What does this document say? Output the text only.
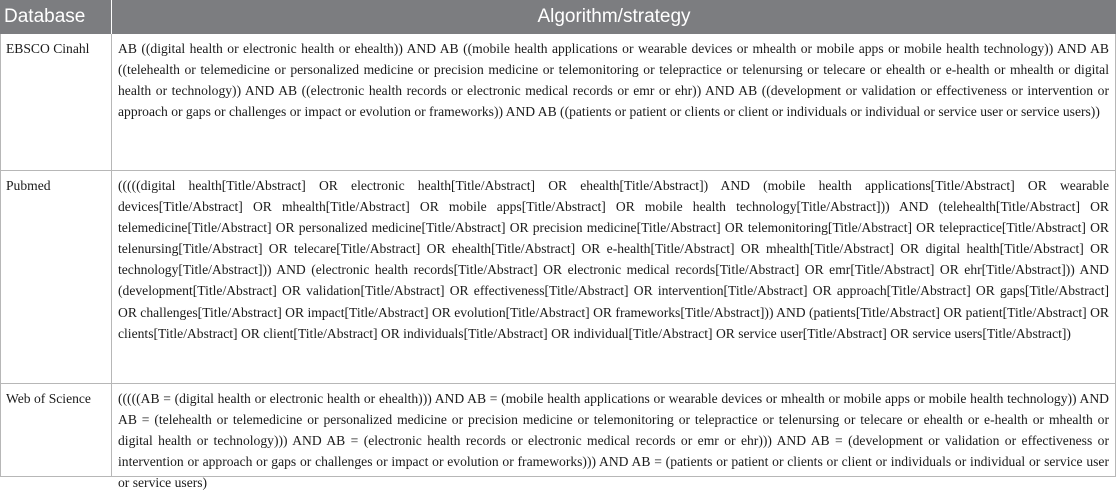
Database	Algorithm/strategy
EBSCO Cinahl	AB ((digital health or electronic health or ehealth)) AND AB ((mobile health applications or wearable devices or mhealth or mobile apps or mobile health technology)) AND AB ((telehealth or telemedicine or personalized medicine or precision medicine or telemonitoring or telepractice or telenursing or telecare or ehealth or e-health or mhealth or digital health or technology)) AND AB ((electronic health records or electronic medical records or emr or ehr)) AND AB ((development or validation or effectiveness or intervention or approach or gaps or challenges or impact or evolution or frameworks)) AND AB ((patients or patient or clients or client or individuals or individual or service user or service users))
Pubmed	(((((digital health[Title/Abstract] OR electronic health[Title/Abstract] OR ehealth[Title/Abstract]) AND (mobile health applications[Title/Abstract] OR wearable devices[Title/Abstract] OR mhealth[Title/Abstract] OR mobile apps[Title/Abstract] OR mobile health technology[Title/Abstract])) AND (telehealth[Title/Abstract] OR telemedicine[Title/Abstract] OR personalized medicine[Title/Abstract] OR precision medicine[Title/Abstract] OR telemonitoring[Title/Abstract] OR telepractice[Title/Abstract] OR telenursing[Title/Abstract] OR telecare[Title/Abstract] OR ehealth[Title/Abstract] OR e-health[Title/Abstract] OR mhealth[Title/Abstract] OR digital health[Title/Abstract] OR technology[Title/Abstract])) AND (electronic health records[Title/Abstract] OR electronic medical records[Title/Abstract] OR emr[Title/Abstract] OR ehr[Title/Abstract])) AND (development[Title/Abstract] OR validation[Title/Abstract] OR effectiveness[Title/Abstract] OR intervention[Title/Abstract] OR approach[Title/Abstract] OR gaps[Title/Abstract] OR challenges[Title/Abstract] OR impact[Title/Abstract] OR evolution[Title/Abstract] OR frameworks[Title/Abstract])) AND (patients[Title/Abstract] OR patient[Title/Abstract] OR clients[Title/Abstract] OR client[Title/Abstract] OR individuals[Title/Abstract] OR individual[Title/Abstract] OR service user[Title/Abstract] OR service users[Title/Abstract])
Web of Science	(((((AB = (digital health or electronic health or ehealth))) AND AB = (mobile health applications or wearable devices or mhealth or mobile apps or mobile health technology)) AND AB = (telehealth or telemedicine or personalized medicine or precision medicine or telemonitoring or telepractice or telenursing or telecare or ehealth or e-health or mhealth or digital health or technology))) AND AB = (electronic health records or electronic medical records or emr or ehr))) AND AB = (development or validation or effectiveness or intervention or approach or gaps or challenges or impact or evolution or frameworks))) AND AB = (patients or patient or clients or client or individuals or individual or service user or service users)
